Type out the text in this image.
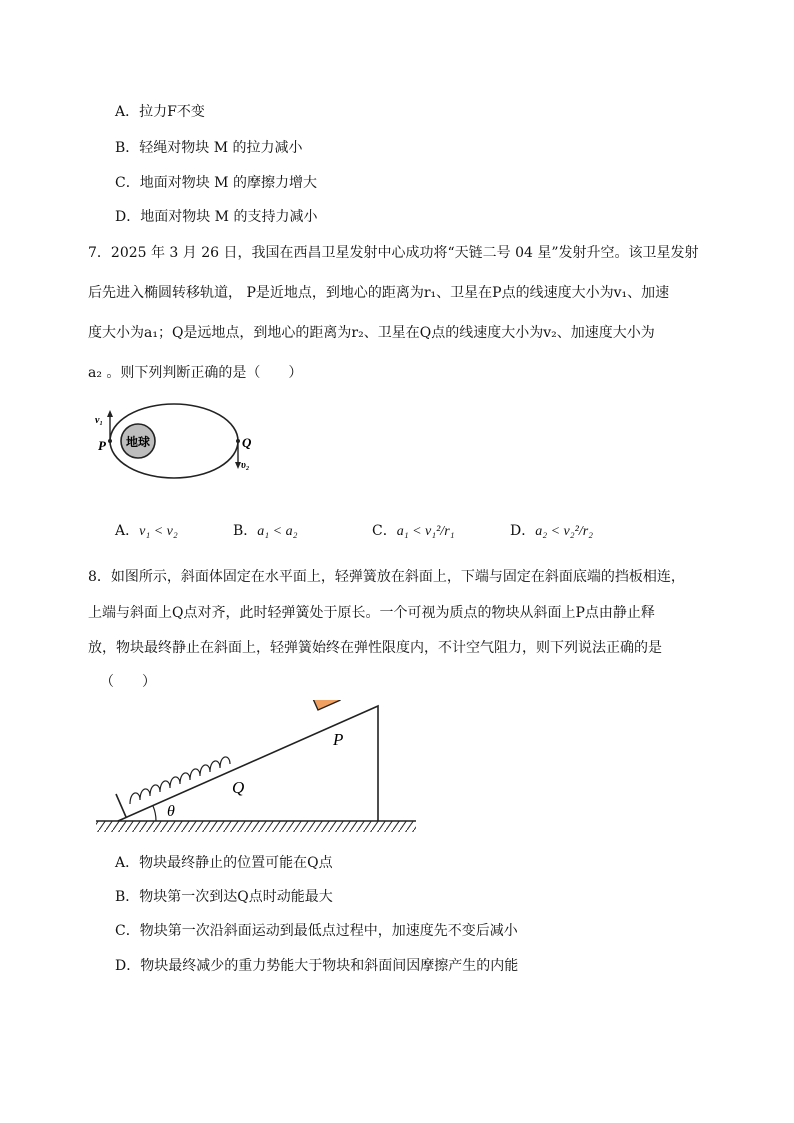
A．拉力F不变
B．轻绳对物块 M 的拉力减小
C．地面对物块 M 的摩擦力增大
D．地面对物块 M 的支持力减小
7．2025 年 3 月 26 日，我国在西昌卫星发射中心成功将“天链二号 04 星”发射升空。该卫星发射
后先进入椭圆转移轨道， P是近地点，到地心的距离为r₁、卫星在P点的线速度大小为v₁、加速
度大小为a₁；Q是远地点，到地心的距离为r₂、卫星在Q点的线速度大小为v₂、加速度大小为
a₂ 。则下列判断正确的是（　　）
地球
P	Q
v₁
υ₂
A．v₁ < v₂	B．a₁ < a₂	C．a₁ < v₁²/r₁	D．a₂ < v₂²/r₂
8．如图所示，斜面体固定在水平面上，轻弹簧放在斜面上，下端与固定在斜面底端的挡板相连，
上端与斜面上Q点对齐，此时轻弹簧处于原长。一个可视为质点的物块从斜面上P点由静止释
放，物块最终静止在斜面上，轻弹簧始终在弹性限度内，不计空气阻力，则下列说法正确的是
（　　）
θ
Q
P
A．物块最终静止的位置可能在Q点
B．物块第一次到达Q点时动能最大
C．物块第一次沿斜面运动到最低点过程中，加速度先不变后减小
D．物块最终减少的重力势能大于物块和斜面间因摩擦产生的内能
